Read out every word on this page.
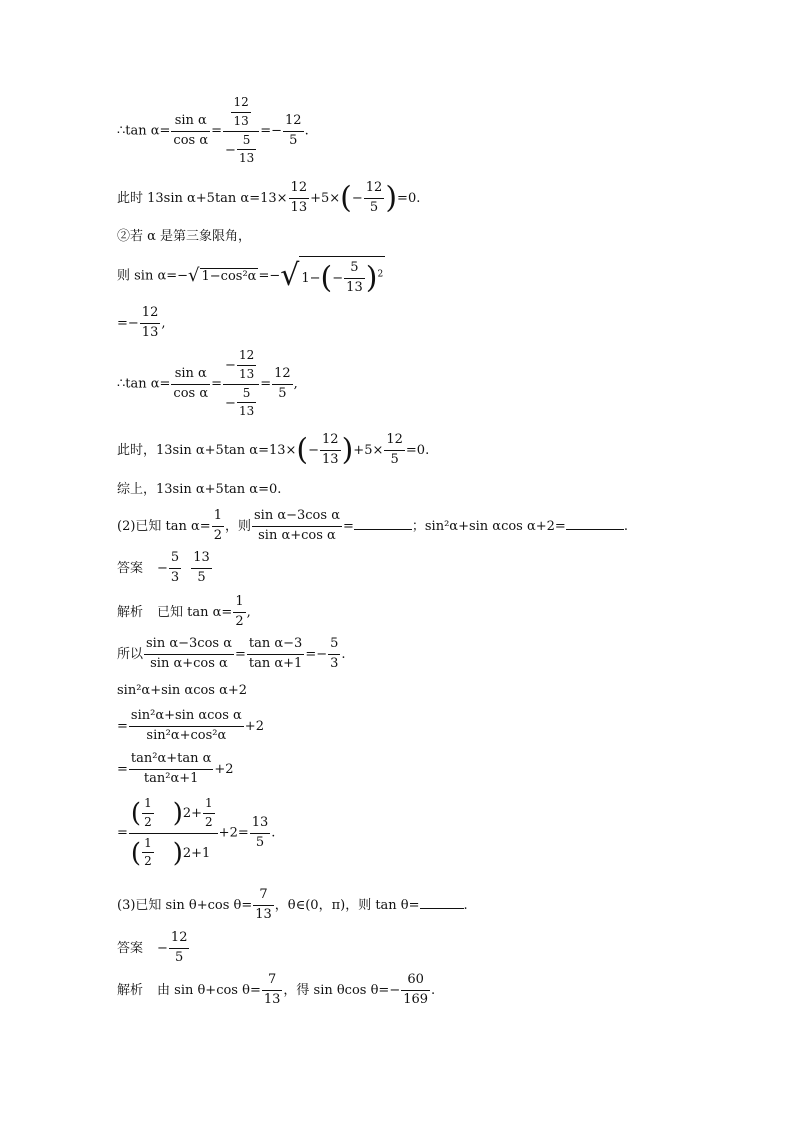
∴tan $\alpha= \frac{\text{sin α}}{\text{cos α}} = \frac{\frac{12}{13}}{- \frac{5}{13}} =- \frac{12}{5}$ .
此时 13sin α+5tan $\alpha=13\times \frac{12}{13} +5\times(- \frac{12}{5} )=0$.
②若 α 是第三象限角，
则 sin α=−√ 1−cos²α =−√ $1-(- \frac{5}{13} )^2$
=− $\frac{12}{13}$ ,
∴tan $\alpha= \frac{\text{sin α}}{\text{cos α}} = \frac{- \frac{12}{13}}{- \frac{5}{13}} = \frac{12}{5}$ ,
此时，13sin α+5tan $\alpha=13\times(- \frac{12}{13} )+5\times \frac{12}{5} =0$.
综上，13sin α+5tan α=0.
(2)已知 $\tan \alpha= \frac{1}{2}$ ，则 $\frac{\text{sin α−3cos α}}{\text{sin α+cos α}}$ =	；sin²α+sin αcos α+2=	.
答案 − $\frac{5}{3} \frac{13}{5}$
解析 已知 $\tan \alpha= \frac{1}{2}$ ,
所以 $\frac{\text{sin α−3cos α}}{\text{sin α+cos α}} = \frac{\text{tan α−3}}{\text{tan α+1}} =- \frac{5}{3}$ .
sin²α+sin αcos α+2
= $\frac{\text{sin²α+sin αcos α}}{\text{sin²α+cos²α}} +2$
= $\frac{\text{tan²α+tan α}}{\text{tan²α+1}} +2$
= $\frac{( \frac{1}{2} )2+ \frac{1}{2}}{( \frac{1}{2} )2+1} +2= \frac{13}{5}$ .
(3)已知 sin θ+cos $\theta= \frac{7}{13}$ ，θ∈(0，π)，则 tan θ=	.
答案 − $\frac{12}{5}$
解析 由 sin θ+cos $\theta= \frac{7}{13}$ ，得 sin θcos $\theta=- \frac{60}{169}$ .
